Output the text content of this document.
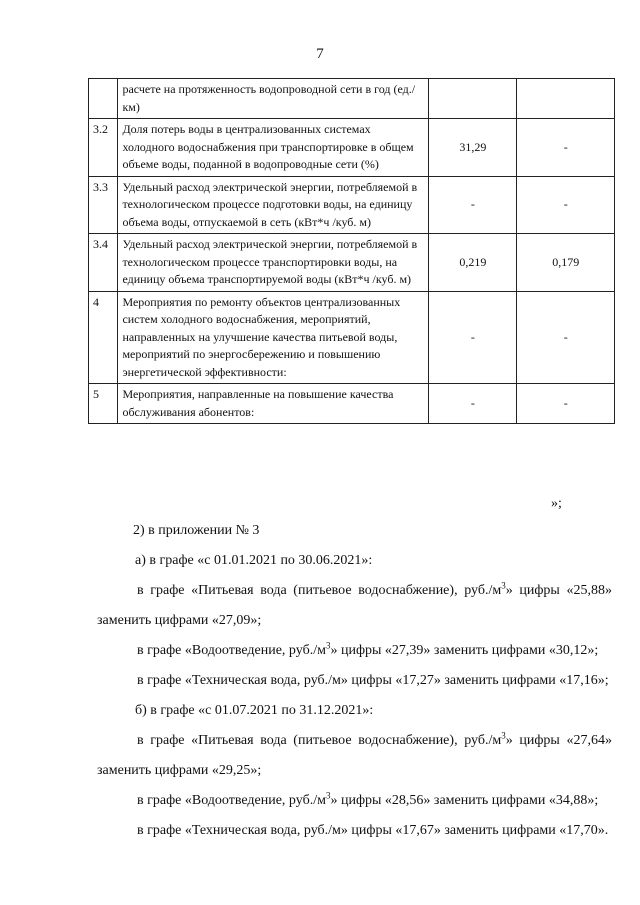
7
	расчете на протяженность водопроводной сети в год (ед./км)		
3.2	Доля потерь воды в централизованных системах холодного водоснабжения при транспортировке в общем объеме воды, поданной в водопроводные сети (%)	31,29	-
3.3	Удельный расход электрической энергии, потребляемой в технологическом процессе подготовки воды, на единицу объема воды, отпускаемой в сеть (кВт*ч /куб. м)	-	-
3.4	Удельный расход электрической энергии, потребляемой в технологическом процессе транспортировки воды, на единицу объема транспортируемой воды (кВт*ч /куб. м)	0,219	0,179
4	Мероприятия по ремонту объектов централизованных систем холодного водоснабжения, мероприятий, направленных на улучшение качества питьевой воды, мероприятий по энергосбережению и повышению энергетической эффективности:	-	-
5	Мероприятия, направленные на повышение качества обслуживания абонентов:	-	-
»;

2) в приложении № 3

а) в графе «с 01.01.2021 по 30.06.2021»:

в графе «Питьевая вода (питьевое водоснабжение), $руб./м^3$» цифры «25,88» заменить цифрами «27,09»;

в графе «Водоотведение, $руб./м^3$» цифры «27,39» заменить цифрами «30,12»;

в графе «Техническая вода, руб./м» цифры «17,27» заменить цифрами «17,16»;

б) в графе «с 01.07.2021 по 31.12.2021»:

в графе «Питьевая вода (питьевое водоснабжение), $руб./м^3$» цифры «27,64» заменить цифрами «29,25»;

в графе «Водоотведение, $руб./м^3$» цифры «28,56» заменить цифрами «34,88»;

в графе «Техническая вода, руб./м» цифры «17,67» заменить цифрами «17,70».
